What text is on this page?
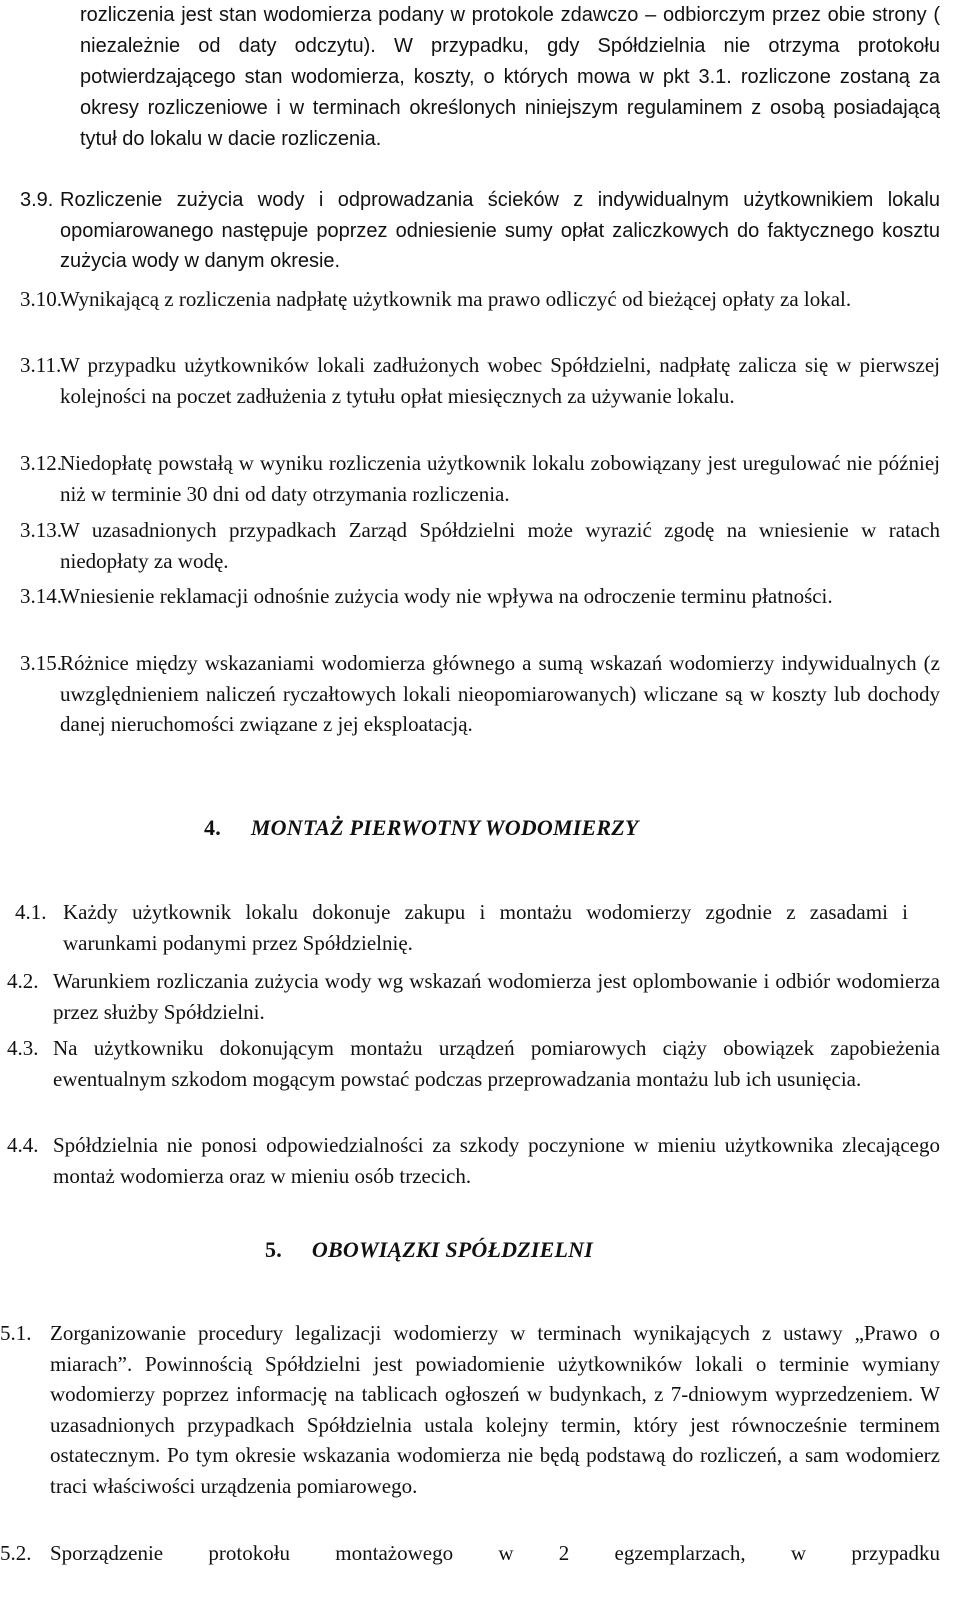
rozliczenia jest stan wodomierza podany w protokole zdawczo – odbiorczym przez obie strony ( niezależnie od daty odczytu). W przypadku, gdy Spółdzielnia nie otrzyma protokołu potwierdzającego stan wodomierza, koszty, o których mowa w pkt 3.1. rozliczone zostaną za okresy rozliczeniowe i w terminach określonych niniejszym regulaminem z osobą posiadającą tytuł do lokalu w dacie rozliczenia.
3.9. Rozliczenie zużycia wody i odprowadzania ścieków z indywidualnym użytkownikiem lokalu opomiarowanego następuje poprzez odniesienie sumy opłat zaliczkowych do faktycznego kosztu zużycia wody w danym okresie.
3.10.
Wynikającą z rozliczenia nadpłatę użytkownik ma prawo odliczyć od bieżącej opłaty za lokal.
3.11.
W przypadku użytkowników lokali zadłużonych wobec Spółdzielni, nadpłatę zalicza się w pierwszej kolejności na poczet zadłużenia z tytułu opłat miesięcznych za używanie lokalu.
3.12.
Niedopłatę powstałą w wyniku rozliczenia użytkownik lokalu zobowiązany jest uregulować nie później niż w terminie 30 dni od daty otrzymania rozliczenia.
3.13.
W uzasadnionych przypadkach Zarząd Spółdzielni może wyrazić zgodę na wniesienie w ratach niedopłaty za wodę.
3.14.
Wniesienie reklamacji odnośnie zużycia wody nie wpływa na odroczenie terminu płatności.
3.15.
Różnice między wskazaniami wodomierza głównego a sumą wskazań wodomierzy indywidualnych (z uwzględnieniem naliczeń ryczałtowych lokali nieopomiarowanych) wliczane są w koszty lub dochody danej nieruchomości związane z jej eksploatacją.
4. MONTAŻ PIERWOTNY WODOMIERZY
4.1. Każdy użytkownik lokalu dokonuje zakupu i montażu wodomierzy zgodnie z zasadami i warunkami podanymi przez Spółdzielnię.
4.2. Warunkiem rozliczania zużycia wody wg wskazań wodomierza jest oplombowanie i odbiór wodomierza przez służby Spółdzielni.
4.3. Na użytkowniku dokonującym montażu urządzeń pomiarowych ciąży obowiązek zapobieżenia ewentualnym szkodom mogącym powstać podczas przeprowadzania montażu lub ich usunięcia.
4.4. Spółdzielnia nie ponosi odpowiedzialności za szkody poczynione w mieniu użytkownika zlecającego montaż wodomierza oraz w mieniu osób trzecich.
5. OBOWIĄZKI SPÓŁDZIELNI
5.1. Zorganizowanie procedury legalizacji wodomierzy w terminach wynikających z ustawy „Prawo o miarach”. Powinnością Spółdzielni jest powiadomienie użytkowników lokali o terminie wymiany wodomierzy poprzez informację na tablicach ogłoszeń w budynkach, z 7-dniowym wyprzedzeniem. W uzasadnionych przypadkach Spółdzielnia ustala kolejny termin, który jest równocześnie terminem ostatecznym. Po tym okresie wskazania wodomierza nie będą podstawą do rozliczeń, a sam wodomierz traci właściwości urządzenia pomiarowego.
5.2. Sporządzenie protokołu montażowego w 2 egzemplarzach, w przypadku
